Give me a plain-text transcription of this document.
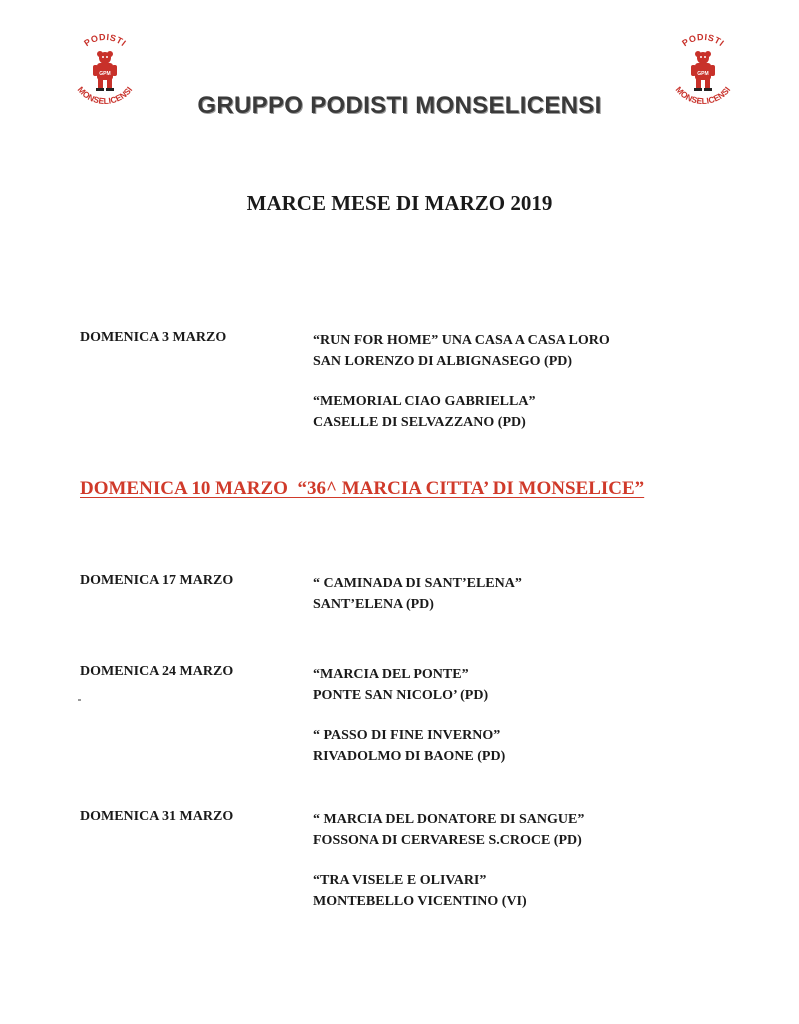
PODISTI
MONSELICENSI
GPM
PODISTI
MONSELICENSI
GPM
GRUPPO PODISTI MONSELICENSI
MARCE MESE DI MARZO 2019
DOMENICA 3 MARZO	“RUN FOR HOME” UNA CASA A CASA LORO
SAN LORENZO DI ALBIGNASEGO (PD)
“MEMORIAL CIAO GABRIELLA”
CASELLE DI SELVAZZANO (PD)
DOMENICA 10 MARZO  “36^ MARCIA CITTA’ DI MONSELICE”
DOMENICA 17 MARZO	“ CAMINADA DI SANT’ELENA”
SANT’ELENA (PD)
DOMENICA 24 MARZO	“MARCIA DEL PONTE”
PONTE SAN NICOLO’ (PD)
“ PASSO DI FINE INVERNO”
RIVADOLMO DI BAONE (PD)
DOMENICA 31 MARZO	“ MARCIA DEL DONATORE DI SANGUE”
FOSSONA DI CERVARESE S.CROCE (PD)
“TRA VISELE E OLIVARI”
MONTEBELLO VICENTINO (VI)
